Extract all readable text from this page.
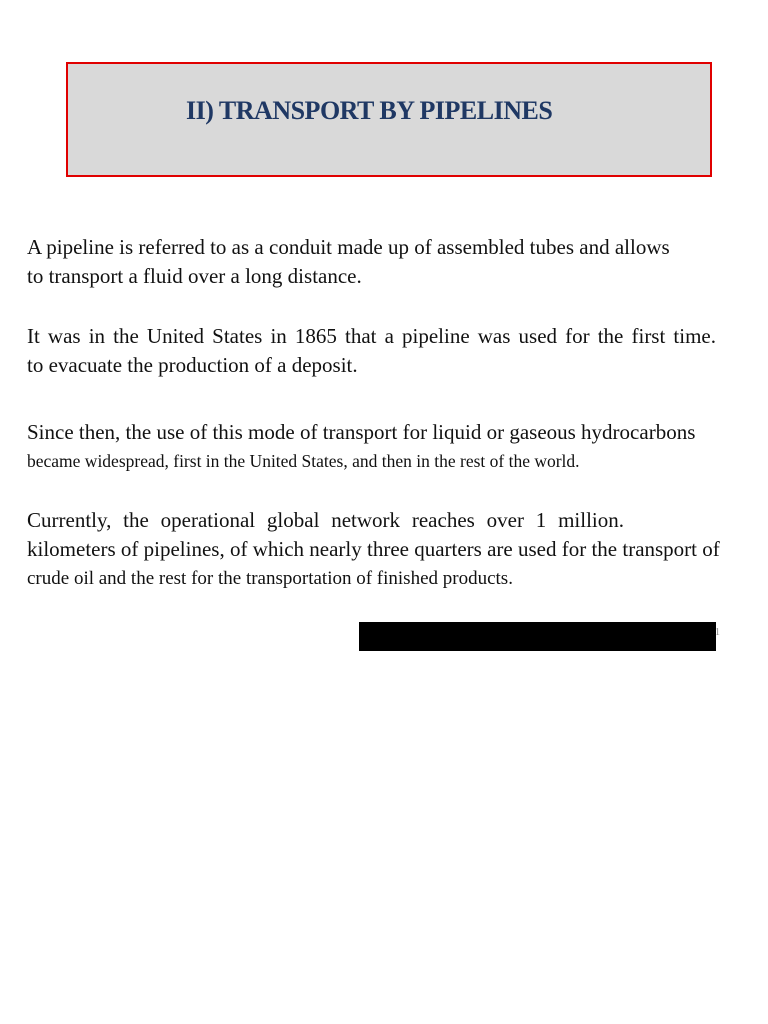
II) TRANSPORT BY PIPELINES

A pipeline is referred to as a conduit made up of assembled tubes and allows
to transport a fluid over a long distance.

It was in the United States in 1865 that a pipeline was used for the first time.
to evacuate the production of a deposit.

Since then, the use of this mode of transport for liquid or gaseous hydrocarbons
became widespread, first in the United States, and then in the rest of the world.

Currently, the operational global network reaches over 1 million.
kilometers of pipelines, of which nearly three quarters are used for the transport of
crude oil and the rest for the transportation of finished products.

1
